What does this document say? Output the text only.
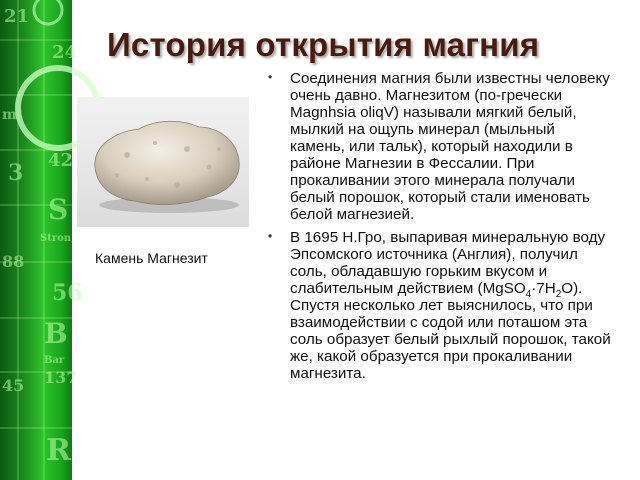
21
24
m
42
3
S
Stron
88
56
B
Bar
137
45
R
История открытия магния
Камень Магнезит
• Соединения магния были известны человеку очень давно. Магнезитом (по-гречески Magnhsia oliqV) называли мягкий белый, мылкий на ощупь минерал (мыльный камень, или тальк), который находили в районе Магнезии в Фессалии. При прокаливании этого минерала получали белый порошок, который стали именовать белой магнезией.
• В 1695 Н.Гро, выпаривая минеральную воду Эпсомского источника (Англия), получил соль, обладавшую горьким вкусом и слабительным действием $(MgSO_4\cdot 7H_2O)$. Спустя несколько лет выяснилось, что при взаимодействии с содой или поташом эта соль образует белый рыхлый порошок, такой же, какой образуется при прокаливании магнезита.
